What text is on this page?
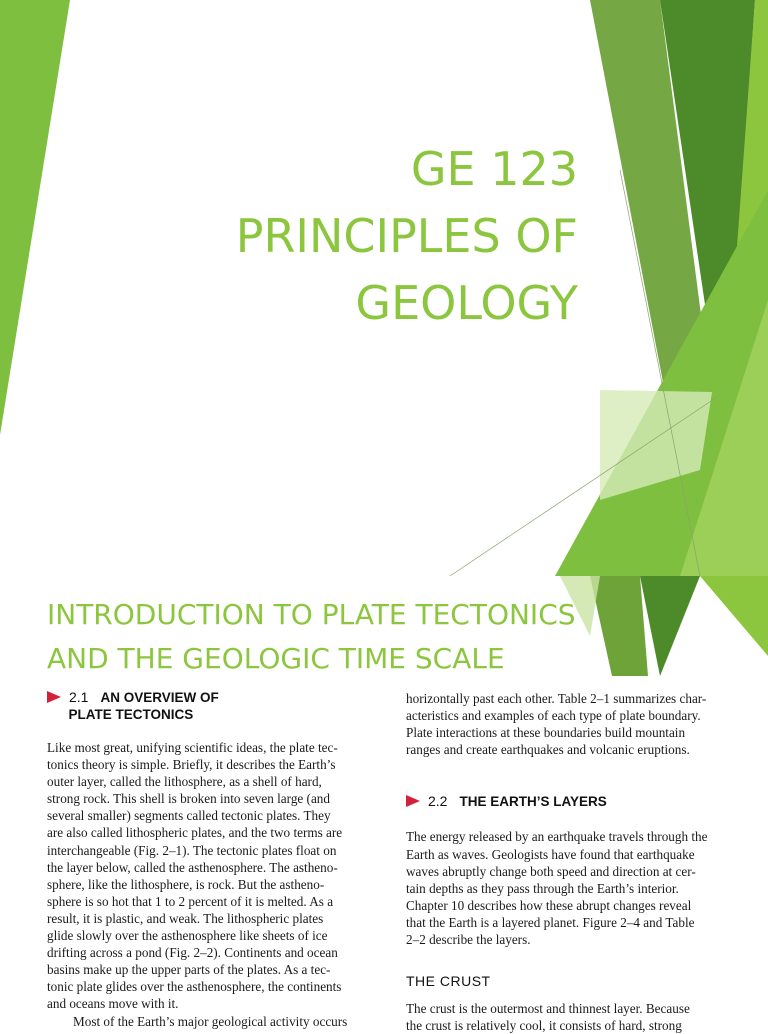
GE 123
PRINCIPLES OF
GEOLOGY
INTRODUCTION TO PLATE TECTONICS
AND THE GEOLOGIC TIME SCALE
2.1 AN OVERVIEW OF
PLATE TECTONICS

Like most great, unifying scientific ideas, the plate tec-

tonics theory is simple. Briefly, it describes the Earth’s

outer layer, called the lithosphere, as a shell of hard,

strong rock. This shell is broken into seven large (and

several smaller) segments called tectonic plates. They

are also called lithospheric plates, and the two terms are

interchangeable (Fig. 2–1). The tectonic plates float on

the layer below, called the asthenosphere. The astheno-

sphere, like the lithosphere, is rock. But the astheno-

sphere is so hot that 1 to 2 percent of it is melted. As a

result, it is plastic, and weak. The lithospheric plates

glide slowly over the asthenosphere like sheets of ice

drifting across a pond (Fig. 2–2). Continents and ocean

basins make up the upper parts of the plates. As a tec-

tonic plate glides over the asthenosphere, the continents

and oceans move with it.

Most of the Earth’s major geological activity occurs

horizontally past each other. Table 2–1 summarizes char-

acteristics and examples of each type of plate boundary.

Plate interactions at these boundaries build mountain

ranges and create earthquakes and volcanic eruptions.

2.2 THE EARTH’S LAYERS

The energy released by an earthquake travels through the

Earth as waves. Geologists have found that earthquake

waves abruptly change both speed and direction at cer-

tain depths as they pass through the Earth’s interior.

Chapter 10 describes how these abrupt changes reveal

that the Earth is a layered planet. Figure 2–4 and Table

2–2 describe the layers.

THE CRUST

The crust is the outermost and thinnest layer. Because

the crust is relatively cool, it consists of hard, strong
